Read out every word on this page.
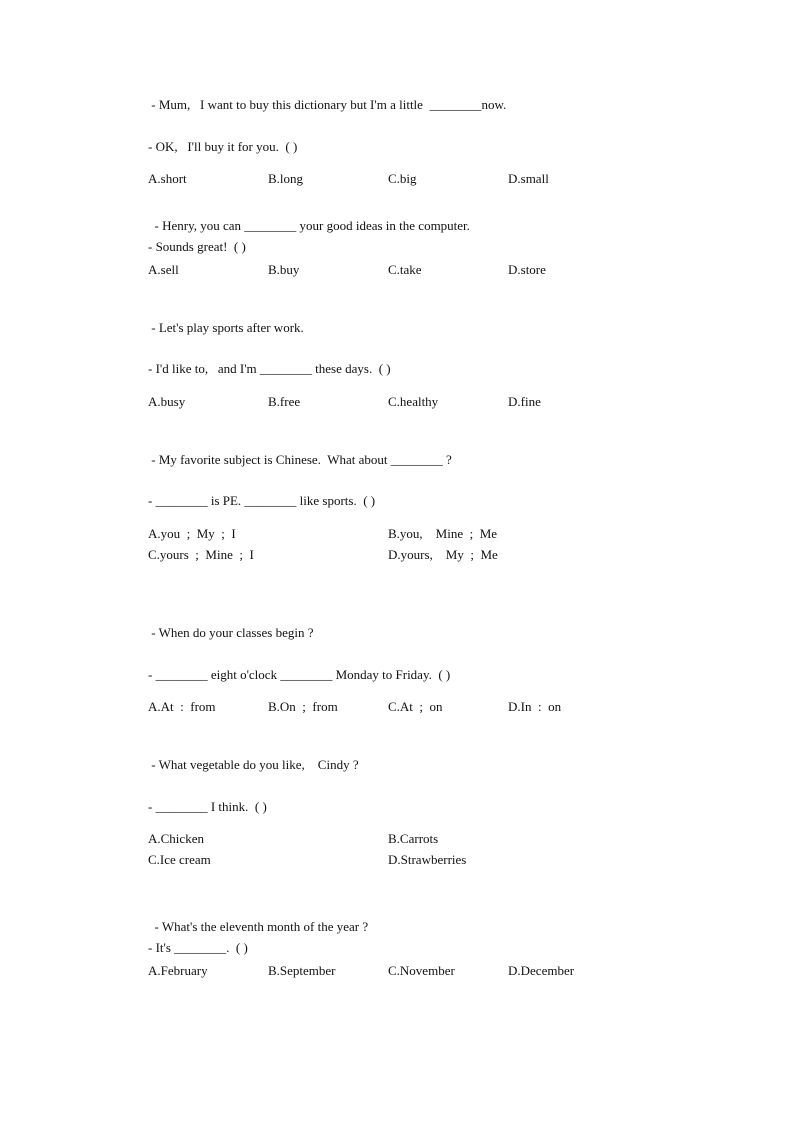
- Mum,   I want to buy this dictionary but I'm a little  ________now.
- OK,   I'll buy it for you.  ( )
A.short	B.long	C.big	D.small
- Henry, you can ________ your good ideas in the computer.
- Sounds great!  ( )
A.sell	B.buy	C.take	D.store
- Let's play sports after work.
- I'd like to,   and I'm ________ these days.  ( )
A.busy	B.free	C.healthy	D.fine
- My favorite subject is Chinese.  What about ________ ?
- ________ is PE. ________ like sports.  ( )
A.you  ;  My  ;  I	B.you,    Mine  ;  Me
C.yours  ;  Mine  ;  I	D.yours,    My  ;  Me
- When do your classes begin ?
- ________ eight o'clock ________ Monday to Friday.  ( )
A.At  :  from	B.On  ;  from	C.At  ;  on	D.In  :  on
- What vegetable do you like,    Cindy ?
- ________ I think.  ( )
A.Chicken	B.Carrots
C.Ice cream	D.Strawberries
- What's the eleventh month of the year ?
- It's ________.  ( )
A.February	B.September	C.November	D.December
